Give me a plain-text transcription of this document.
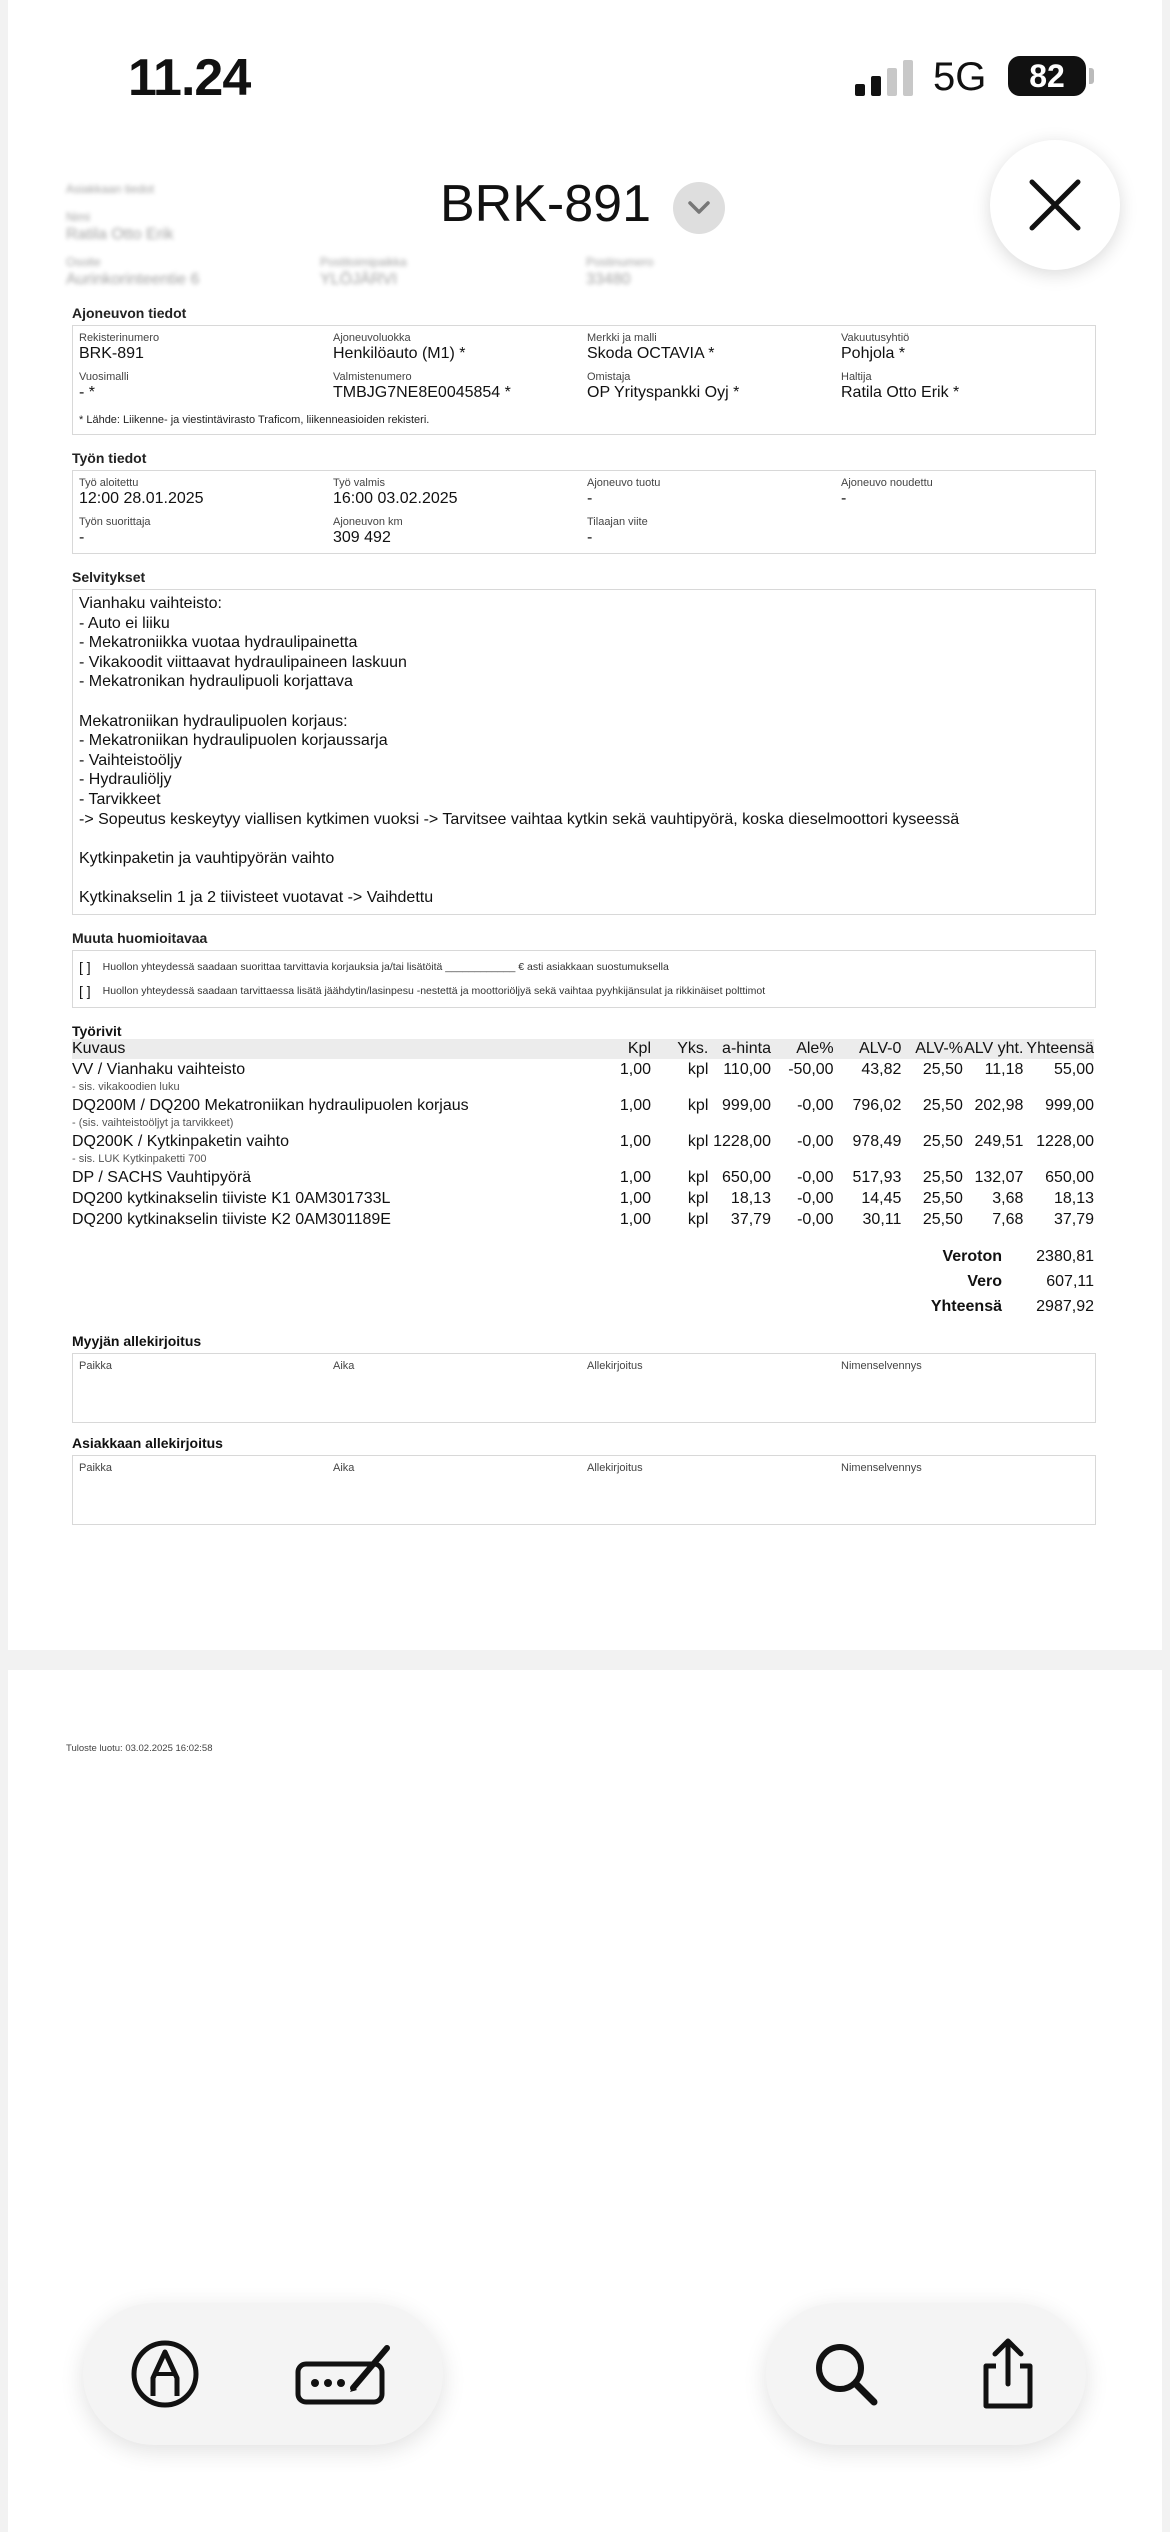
11.24	5G	82
Asiakkaan tiedot
Nimi
Ratila Otto Erik
Osoite
Aurinkorinteentie 6
Postitoimipaikka
YLÖJÄRVI
Postinumero
33480
BRK-891
Ajoneuvon tiedot
Rekisterinumero
BRK-891
Ajoneuvoluokka
Henkilöauto (M1) *
Merkki ja malli
Skoda OCTAVIA *
Vakuutusyhtiö
Pohjola *
Vuosimalli
- *
Valmistenumero
TMBJG7NE8E0045854 *
Omistaja
OP Yrityspankki Oyj *
Haltija
Ratila Otto Erik *
* Lähde: Liikenne- ja viestintävirasto Traficom, liikenneasioiden rekisteri.
Työn tiedot
Työ aloitettu
12:00 28.01.2025
Työ valmis
16:00 03.02.2025
Ajoneuvo tuotu
-
Ajoneuvo noudettu
-
Työn suorittaja
-
Ajoneuvon km
309 492
Tilaajan viite
-
Selvitykset
Vianhaku vaihteisto:
- Auto ei liiku
- Mekatroniikka vuotaa hydraulipainetta
- Vikakoodit viittaavat hydraulipaineen laskuun
- Mekatronikan hydraulipuoli korjattava

Mekatroniikan hydraulipuolen korjaus:
- Mekatroniikan hydraulipuolen korjaussarja
- Vaihteistoöljy
- Hydrauliöljy
- Tarvikkeet
-> Sopeutus keskeytyy viallisen kytkimen vuoksi -> Tarvitsee vaihtaa kytkin sekä vauhtipyörä, koska dieselmoottori kyseessä

Kytkinpaketin ja vauhtipyörän vaihto

Kytkinakselin 1 ja 2 tiivisteet vuotavat -> Vaihdettu
Muuta huomioitavaa
[ ] Huollon yhteydessä saadaan suorittaa tarvittavia korjauksia ja/tai lisätöitä ____________ € asti asiakkaan suostumuksella
[ ] Huollon yhteydessä saadaan tarvittaessa lisätä jäähdytin/lasinpesu -nestettä ja moottoriöljyä sekä vaihtaa pyyhkijänsulat ja rikkinäiset polttimot
Työrivit
Kuvaus	Kpl	Yks.	a-hinta	Ale%	ALV-0	ALV-%	ALV yht.	Yhteensä
VV / Vianhaku vaihteisto	1,00	kpl	110,00	-50,00	43,82	25,50	11,18	55,00
- sis. vikakoodien luku								
DQ200M / DQ200 Mekatroniikan hydraulipuolen korjaus	1,00	kpl	999,00	-0,00	796,02	25,50	202,98	999,00
- (sis. vaihteistoöljyt ja tarvikkeet)								
DQ200K / Kytkinpaketin vaihto	1,00	kpl	1228,00	-0,00	978,49	25,50	249,51	1228,00
- sis. LUK Kytkinpaketti 700								
DP / SACHS Vauhtipyörä	1,00	kpl	650,00	-0,00	517,93	25,50	132,07	650,00
DQ200 kytkinakselin tiiviste K1 0AM301733L	1,00	kpl	18,13	-0,00	14,45	25,50	3,68	18,13
DQ200 kytkinakselin tiiviste K2 0AM301189E	1,00	kpl	37,79	-0,00	30,11	25,50	7,68	37,79
Veroton	2380,81
Vero	607,11
Yhteensä	2987,92
Myyjän allekirjoitus
Paikka	Aika	Allekirjoitus	Nimenselvennys
Asiakkaan allekirjoitus
Paikka	Aika	Allekirjoitus	Nimenselvennys
Tuloste luotu: 03.02.2025 16:02:58
